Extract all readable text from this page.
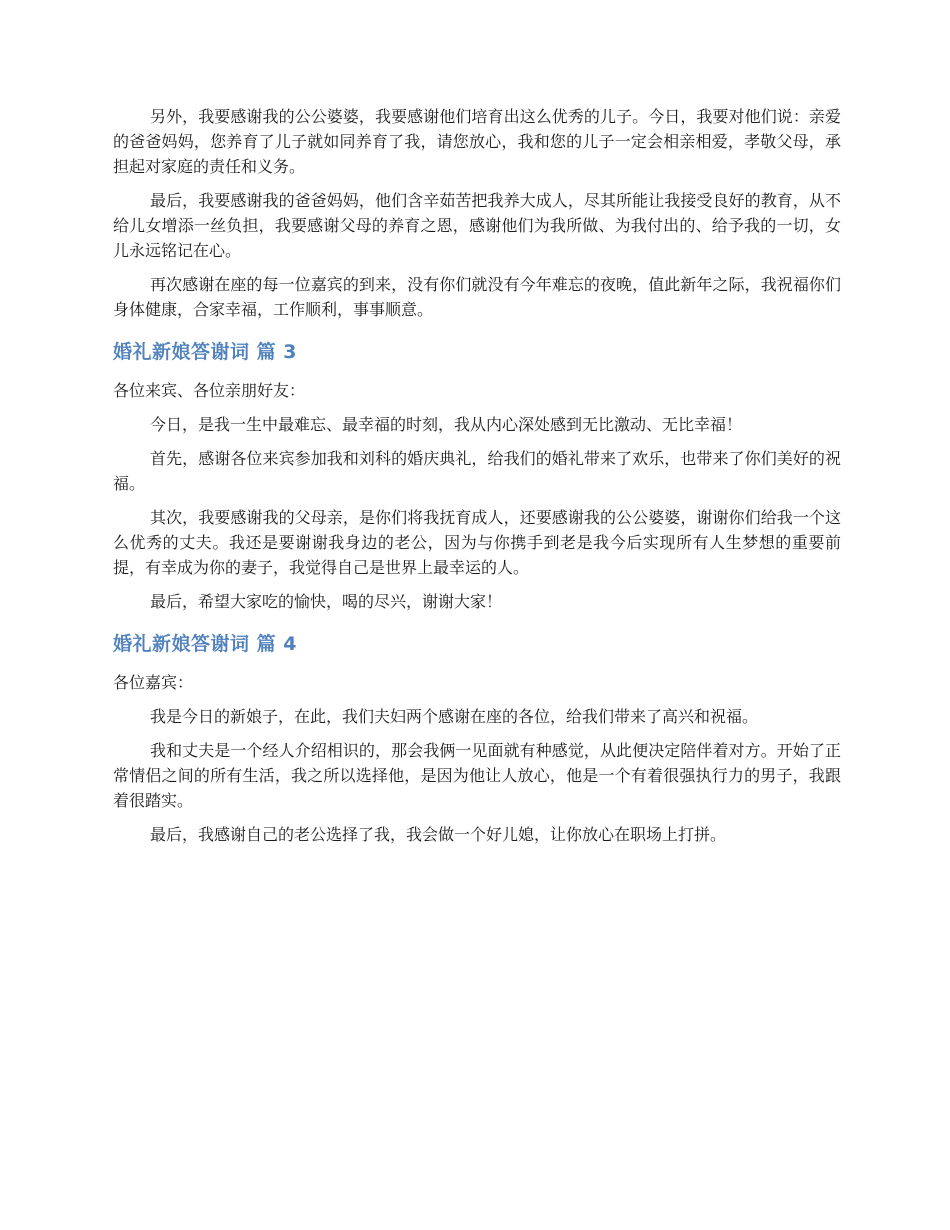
另外，我要感谢我的公公婆婆，我要感谢他们培育出这么优秀的儿子。今日，我要对他们说：亲爱的爸爸妈妈，您养育了儿子就如同养育了我，请您放心，我和您的儿子一定会相亲相爱，孝敬父母，承担起对家庭的责任和义务。

最后，我要感谢我的爸爸妈妈，他们含辛茹苦把我养大成人，尽其所能让我接受良好的教育，从不给儿女增添一丝负担，我要感谢父母的养育之恩，感谢他们为我所做、为我付出的、给予我的一切，女儿永远铭记在心。

再次感谢在座的每一位嘉宾的到来，没有你们就没有今年难忘的夜晚，值此新年之际，我祝福你们身体健康，合家幸福，工作顺利，事事顺意。

婚礼新娘答谢词 篇 3

各位来宾、各位亲朋好友：

今日，是我一生中最难忘、最幸福的时刻，我从内心深处感到无比激动、无比幸福！

首先，感谢各位来宾参加我和刘科的婚庆典礼，给我们的婚礼带来了欢乐，也带来了你们美好的祝福。

其次，我要感谢我的父母亲，是你们将我抚育成人，还要感谢我的公公婆婆，谢谢你们给我一个这么优秀的丈夫。我还是要谢谢我身边的老公，因为与你携手到老是我今后实现所有人生梦想的重要前提，有幸成为你的妻子，我觉得自己是世界上最幸运的人。

最后，希望大家吃的愉快，喝的尽兴，谢谢大家！

婚礼新娘答谢词 篇 4

各位嘉宾：

我是今日的新娘子，在此，我们夫妇两个感谢在座的各位，给我们带来了高兴和祝福。

我和丈夫是一个经人介绍相识的，那会我俩一见面就有种感觉，从此便决定陪伴着对方。开始了正常情侣之间的所有生活，我之所以选择他，是因为他让人放心，他是一个有着很强执行力的男子，我跟着很踏实。

最后，我感谢自己的老公选择了我，我会做一个好儿媳，让你放心在职场上打拼。
